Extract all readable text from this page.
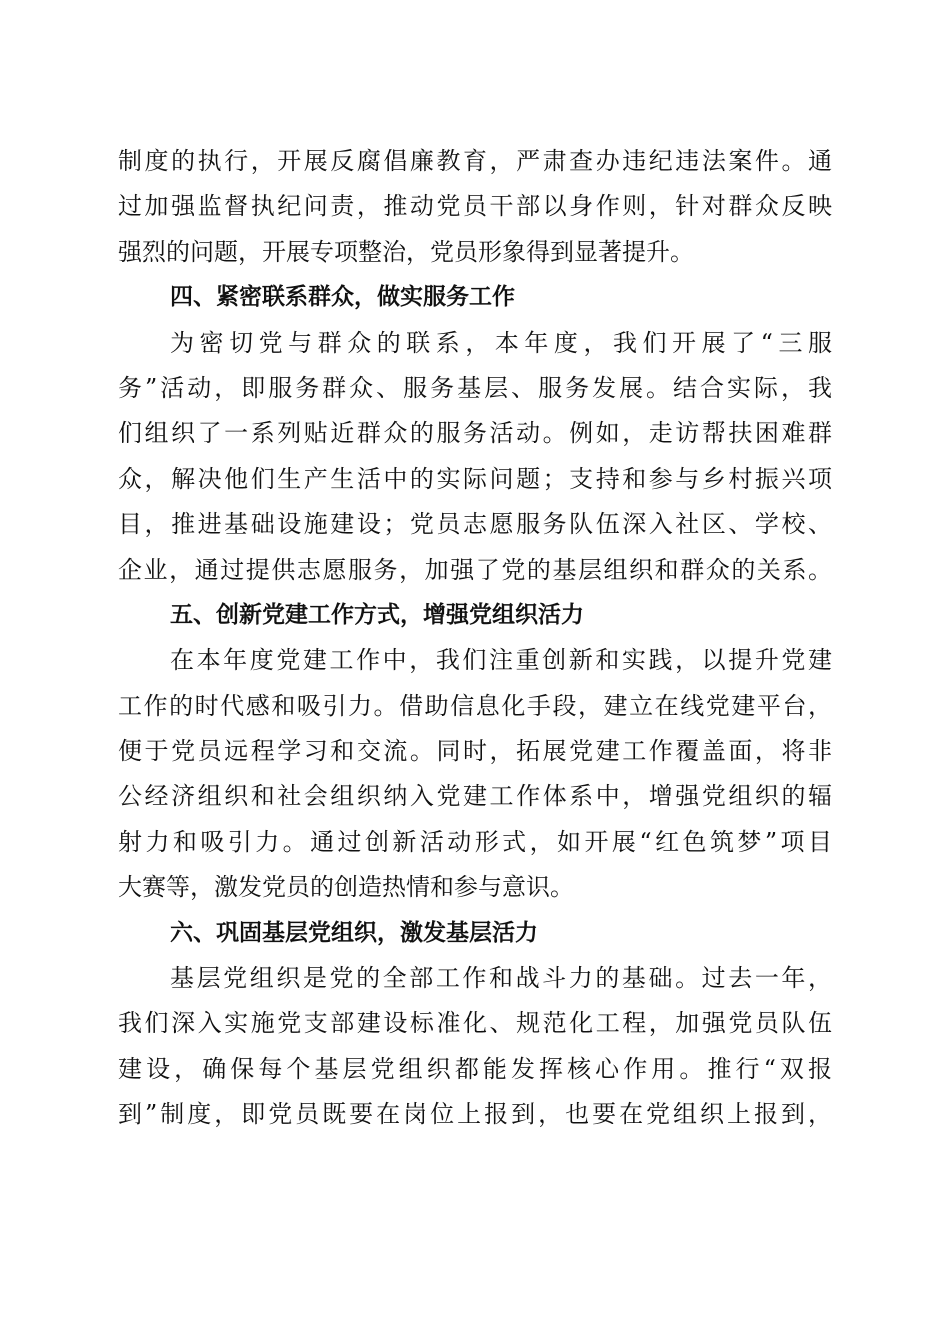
制度的执行，开展反腐倡廉教育，严肃查办违纪违法案件。通
过加强监督执纪问责，推动党员干部以身作则，针对群众反映
强烈的问题，开展专项整治，党员形象得到显著提升。
四、紧密联系群众，做实服务工作
为密切党与群众的联系，本年度，我们开展了“三服
务”活动，即服务群众、服务基层、服务发展。结合实际，我
们组织了一系列贴近群众的服务活动。例如，走访帮扶困难群
众，解决他们生产生活中的实际问题；支持和参与乡村振兴项
目，推进基础设施建设；党员志愿服务队伍深入社区、学校、
企业，通过提供志愿服务，加强了党的基层组织和群众的关系。
五、创新党建工作方式，增强党组织活力
在本年度党建工作中，我们注重创新和实践，以提升党建
工作的时代感和吸引力。借助信息化手段，建立在线党建平台，
便于党员远程学习和交流。同时，拓展党建工作覆盖面，将非
公经济组织和社会组织纳入党建工作体系中，增强党组织的辐
射力和吸引力。通过创新活动形式，如开展“红色筑梦”项目
大赛等，激发党员的创造热情和参与意识。
六、巩固基层党组织，激发基层活力
基层党组织是党的全部工作和战斗力的基础。过去一年，
我们深入实施党支部建设标准化、规范化工程，加强党员队伍
建设，确保每个基层党组织都能发挥核心作用。推行“双报
到”制度，即党员既要在岗位上报到，也要在党组织上报到，
